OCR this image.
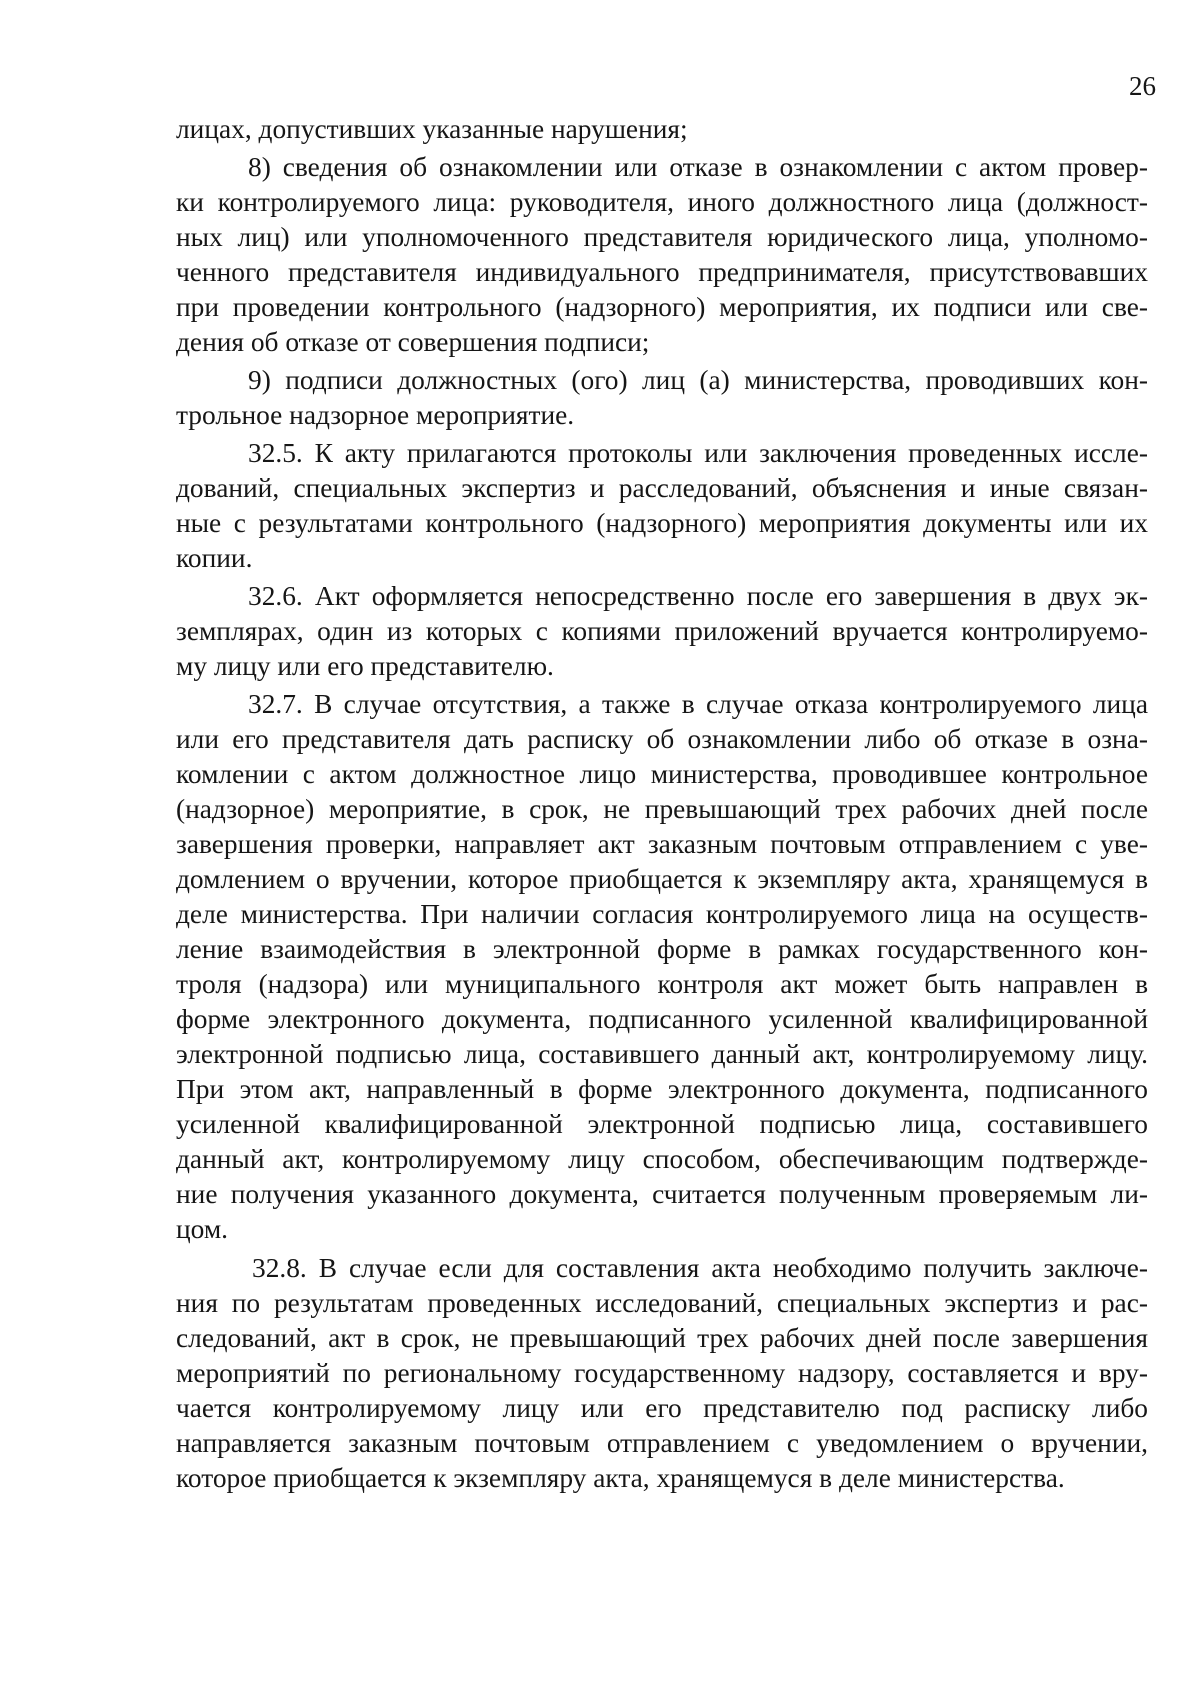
26
лицах, допустивших указанные нарушения;
8) сведения об ознакомлении или отказе в ознакомлении с актом провер-
ки контролируемого лица: руководителя, иного должностного лица (должност-
ных лиц) или уполномоченного представителя юридического лица, уполномо-
ченного представителя индивидуального предпринимателя, присутствовавших
при проведении контрольного (надзорного) мероприятия, их подписи или све-
дения об отказе от совершения подписи;
9) подписи должностных (ого) лиц (а) министерства, проводивших кон-
трольное надзорное мероприятие.
32.5. К акту прилагаются протоколы или заключения проведенных иссле-
дований, специальных экспертиз и расследований, объяснения и иные связан-
ные с результатами контрольного (надзорного) мероприятия документы или их
копии.
32.6. Акт оформляется непосредственно после его завершения в двух эк-
земплярах, один из которых с копиями приложений вручается контролируемо-
му лицу или его представителю.
32.7. В случае отсутствия, а также в случае отказа контролируемого лица
или его представителя дать расписку об ознакомлении либо об отказе в озна-
комлении с актом должностное лицо министерства, проводившее контрольное
(надзорное) мероприятие, в срок, не превышающий трех рабочих дней после
завершения проверки, направляет акт заказным почтовым отправлением с уве-
домлением о вручении, которое приобщается к экземпляру акта, хранящемуся в
деле министерства. При наличии согласия контролируемого лица на осуществ-
ление взаимодействия в электронной форме в рамках государственного кон-
троля (надзора) или муниципального контроля акт может быть направлен в
форме электронного документа, подписанного усиленной квалифицированной
электронной подписью лица, составившего данный акт, контролируемому лицу.
При этом акт, направленный в форме электронного документа, подписанного
усиленной квалифицированной электронной подписью лица, составившего
данный акт, контролируемому лицу способом, обеспечивающим подтвержде-
ние получения указанного документа, считается полученным проверяемым ли-
цом.
32.8. В случае если для составления акта необходимо получить заключе-
ния по результатам проведенных исследований, специальных экспертиз и рас-
следований, акт в срок, не превышающий трех рабочих дней после завершения
мероприятий по региональному государственному надзору, составляется и вру-
чается контролируемому лицу или его представителю под расписку либо
направляется заказным почтовым отправлением с уведомлением о вручении,
которое приобщается к экземпляру акта, хранящемуся в деле министерства.
